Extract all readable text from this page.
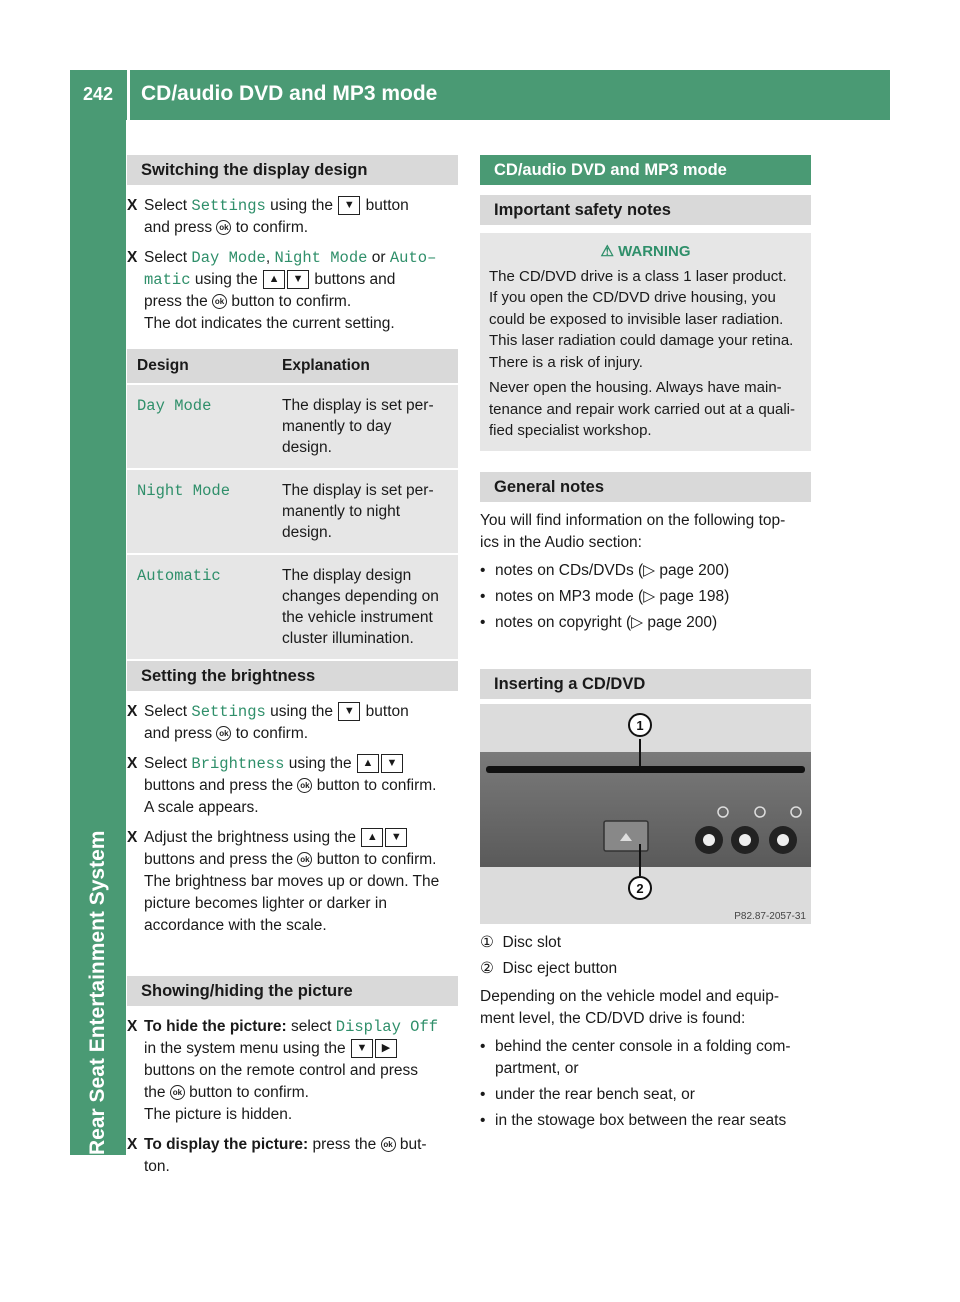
242	CD/audio DVD and MP3 mode
Rear Seat Entertainment System
Switching the display design
X Select Settings using the ▼ button
and press ok to confirm.
X Select Day Mode, Night Mode or Auto–
matic using the ▲ ▼ buttons and
press the ok button to confirm.
The dot indicates the current setting.
Design	Explanation
Day Mode	The display is set per-
manently to day
design.
Night Mode	The display is set per-
manently to night
design.
Automatic	The display design
changes depending on
the vehicle instrument
cluster illumination.
Setting the brightness
X Select Settings using the ▼ button
and press ok to confirm.
X Select Brightness using the ▲ ▼
buttons and press the ok button to confirm.
A scale appears.
X Adjust the brightness using the ▲ ▼
buttons and press the ok button to confirm.
The brightness bar moves up or down. The
picture becomes lighter or darker in
accordance with the scale.
Showing/hiding the picture
X To hide the picture: select Display Off
in the system menu using the ▼ ▶
buttons on the remote control and press
the ok button to confirm.
The picture is hidden.
X To display the picture: press the ok but-
ton.
CD/audio DVD and MP3 mode
Important safety notes
⚠ WARNING
The CD/DVD drive is a class 1 laser product.
If you open the CD/DVD drive housing, you
could be exposed to invisible laser radiation.
This laser radiation could damage your retina.
There is a risk of injury.
Never open the housing. Always have main-
tenance and repair work carried out at a quali-
fied specialist workshop.
General notes
You will find information on the following top-
ics in the Audio section:
• notes on CDs/DVDs (▷ page 200)
• notes on MP3 mode (▷ page 198)
• notes on copyright (▷ page 200)
Inserting a CD/DVD
1
2
P82.87-2057-31
① Disc slot
② Disc eject button
Depending on the vehicle model and equip-
ment level, the CD/DVD drive is found:
• behind the center console in a folding com-
partment, or
• under the rear bench seat, or
• in the stowage box between the rear seats
